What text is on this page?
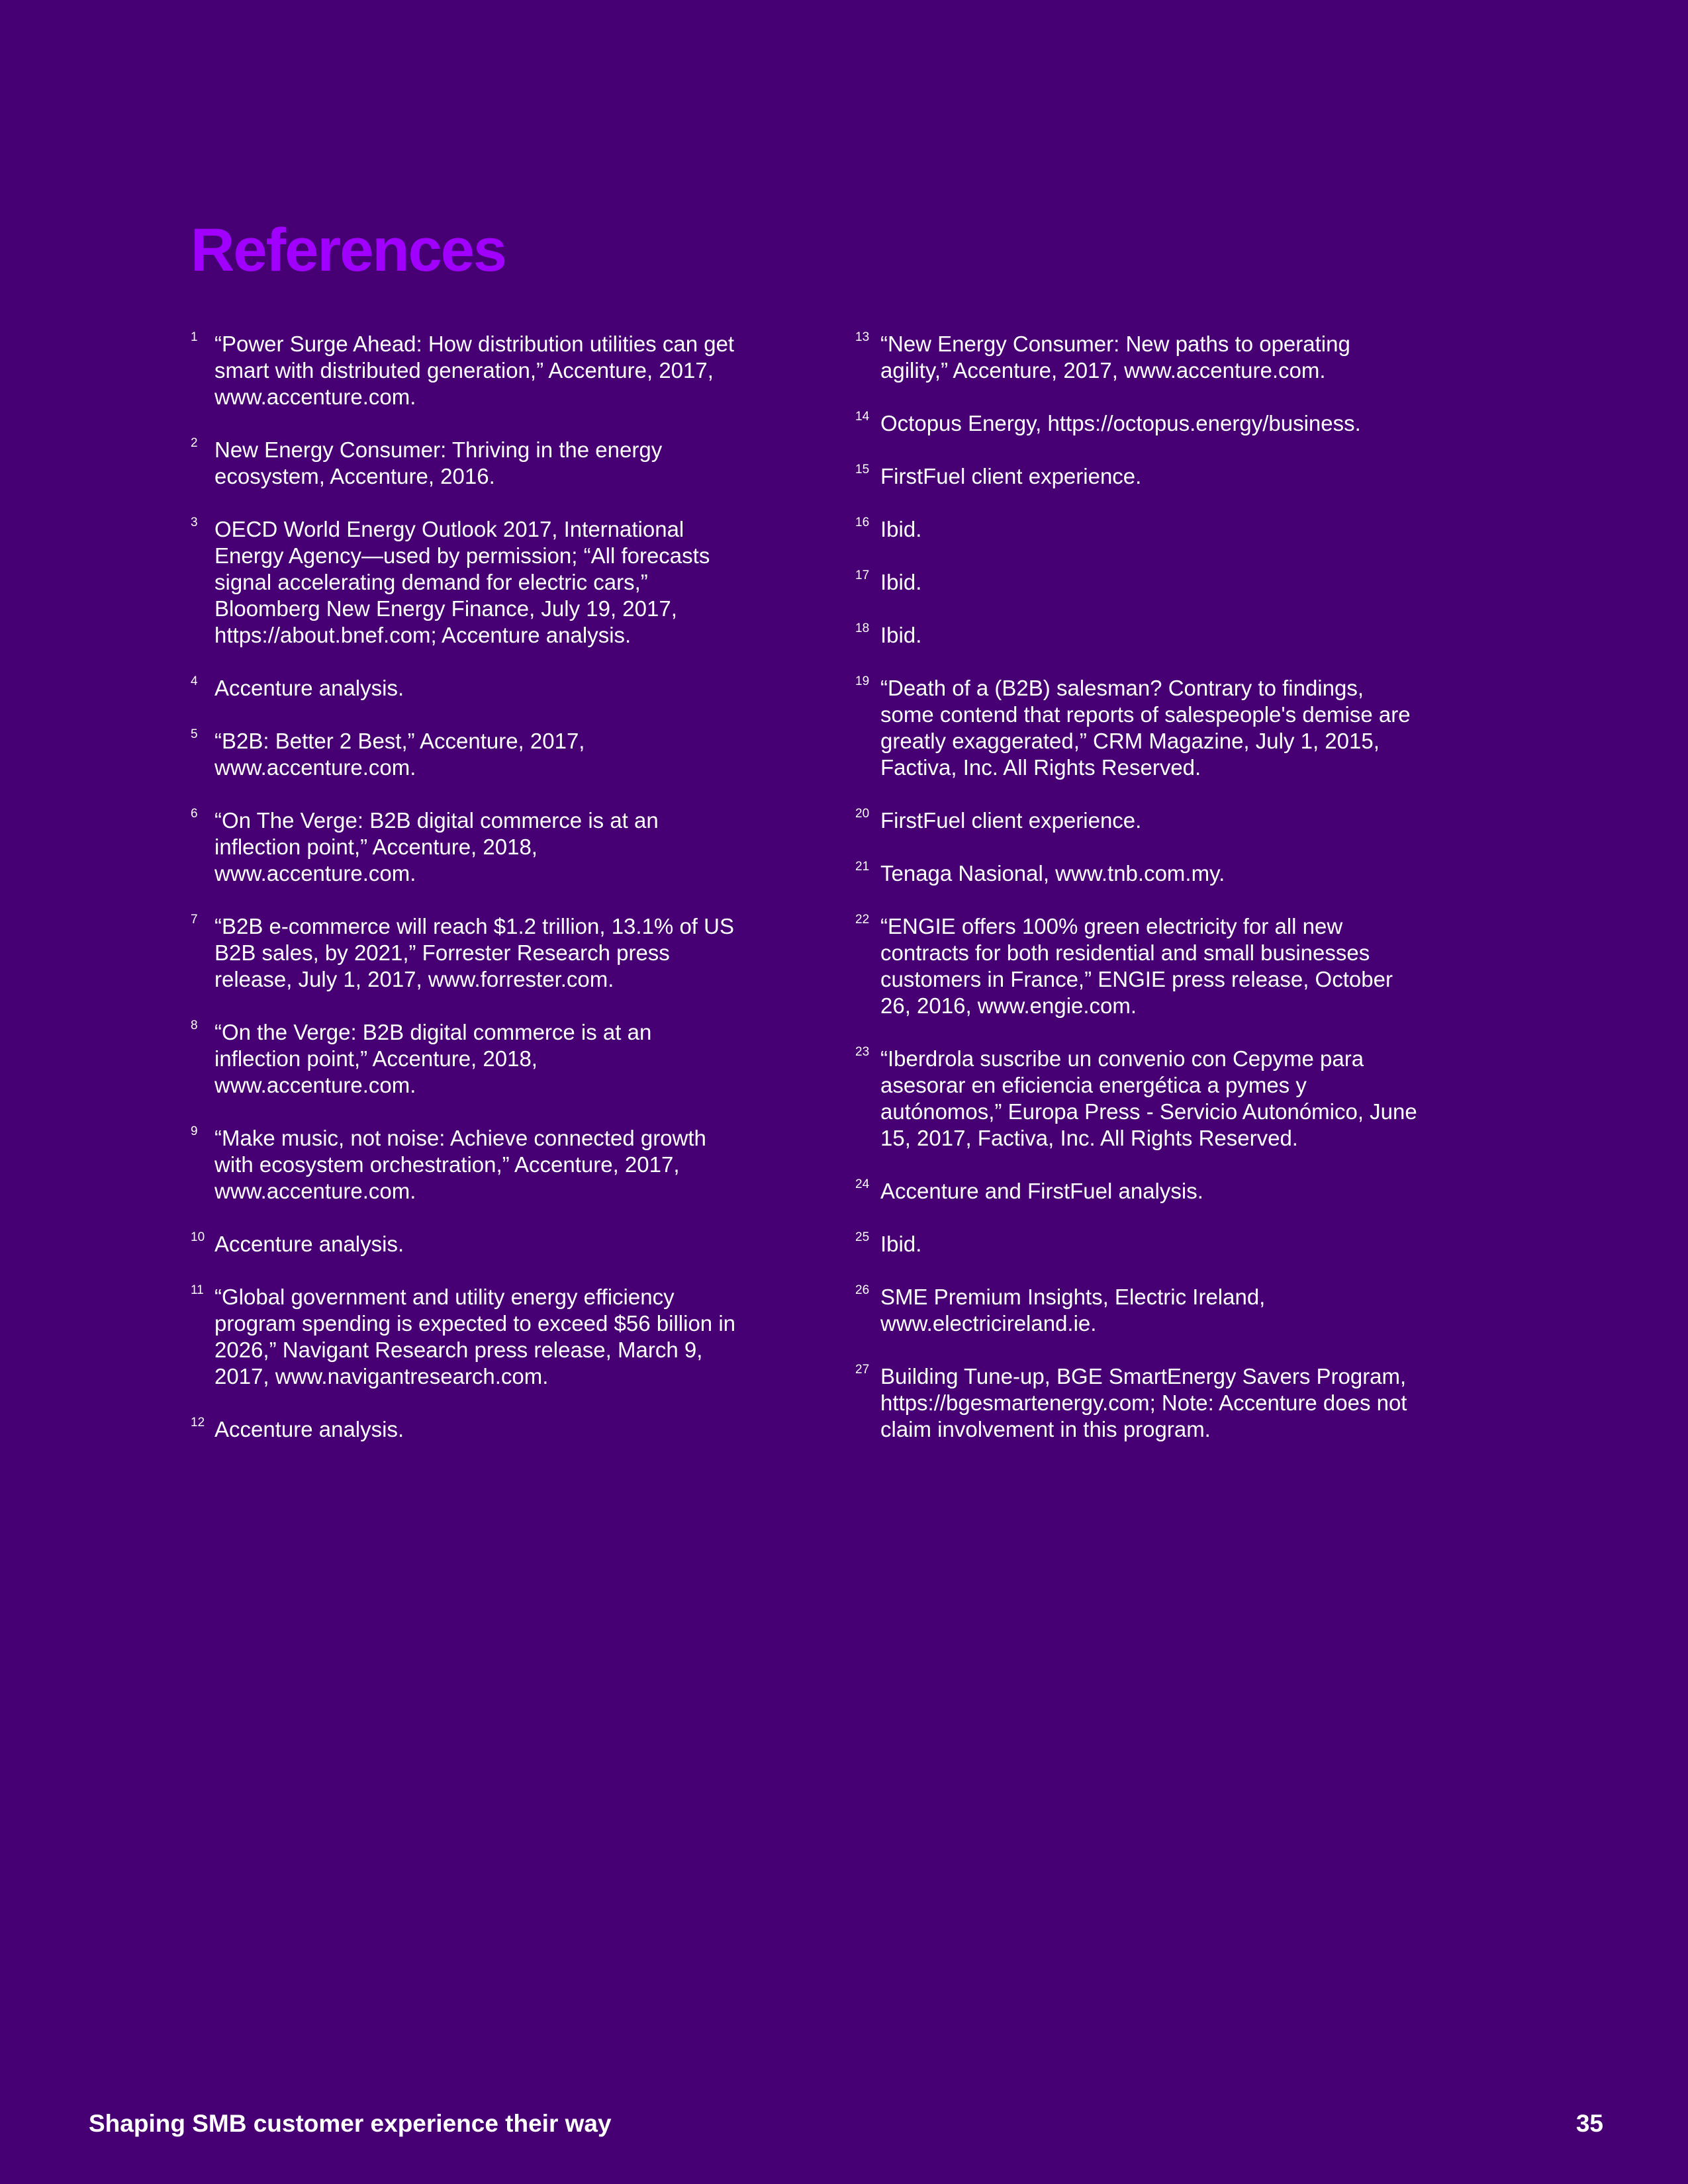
References

1 “Power Surge Ahead: How distribution utilities can get smart with distributed generation,” Accenture, 2017, www.accenture.com.

2 New Energy Consumer: Thriving in the energy ecosystem, Accenture, 2016.

3 OECD World Energy Outlook 2017, International Energy Agency—used by permission; “All forecasts signal accelerating demand for electric cars,” Bloomberg New Energy Finance, July 19, 2017, https://about.bnef.com; Accenture analysis.

4 Accenture analysis.

5 “B2B: Better 2 Best,” Accenture, 2017, www.accenture.com.

6 “On The Verge: B2B digital commerce is at an inflection point,” Accenture, 2018, www.accenture.com.

7 “B2B e-commerce will reach $1.2 trillion, 13.1% of US B2B sales, by 2021,” Forrester Research press release, July 1, 2017, www.forrester.com.

8 “On the Verge: B2B digital commerce is at an inflection point,” Accenture, 2018, www.accenture.com.

9 “Make music, not noise: Achieve connected growth with ecosystem orchestration,” Accenture, 2017, www.accenture.com.

10 Accenture analysis.

11 “Global government and utility energy efficiency program spending is expected to exceed $56 billion in 2026,” Navigant Research press release, March 9, 2017, www.navigantresearch.com.

12 Accenture analysis.

13 “New Energy Consumer: New paths to operating agility,” Accenture, 2017, www.accenture.com.

14 Octopus Energy, https://octopus.energy/business.

15 FirstFuel client experience.

16 Ibid.

17 Ibid.

18 Ibid.

19 “Death of a (B2B) salesman? Contrary to findings, some contend that reports of salespeople's demise are greatly exaggerated,” CRM Magazine, July 1, 2015, Factiva, Inc. All Rights Reserved.

20 FirstFuel client experience.

21 Tenaga Nasional, www.tnb.com.my.

22 “ENGIE offers 100% green electricity for all new contracts for both residential and small businesses customers in France,” ENGIE press release, October 26, 2016, www.engie.com.

23 “Iberdrola suscribe un convenio con Cepyme para asesorar en eficiencia energética a pymes y autónomos,” Europa Press - Servicio Autonómico, June 15, 2017, Factiva, Inc. All Rights Reserved.

24 Accenture and FirstFuel analysis.

25 Ibid.

26 SME Premium Insights, Electric Ireland, www.electricireland.ie.

27 Building Tune-up, BGE SmartEnergy Savers Program, https://bgesmartenergy.com; Note: Accenture does not claim involvement in this program.

Shaping SMB customer experience their way	35
